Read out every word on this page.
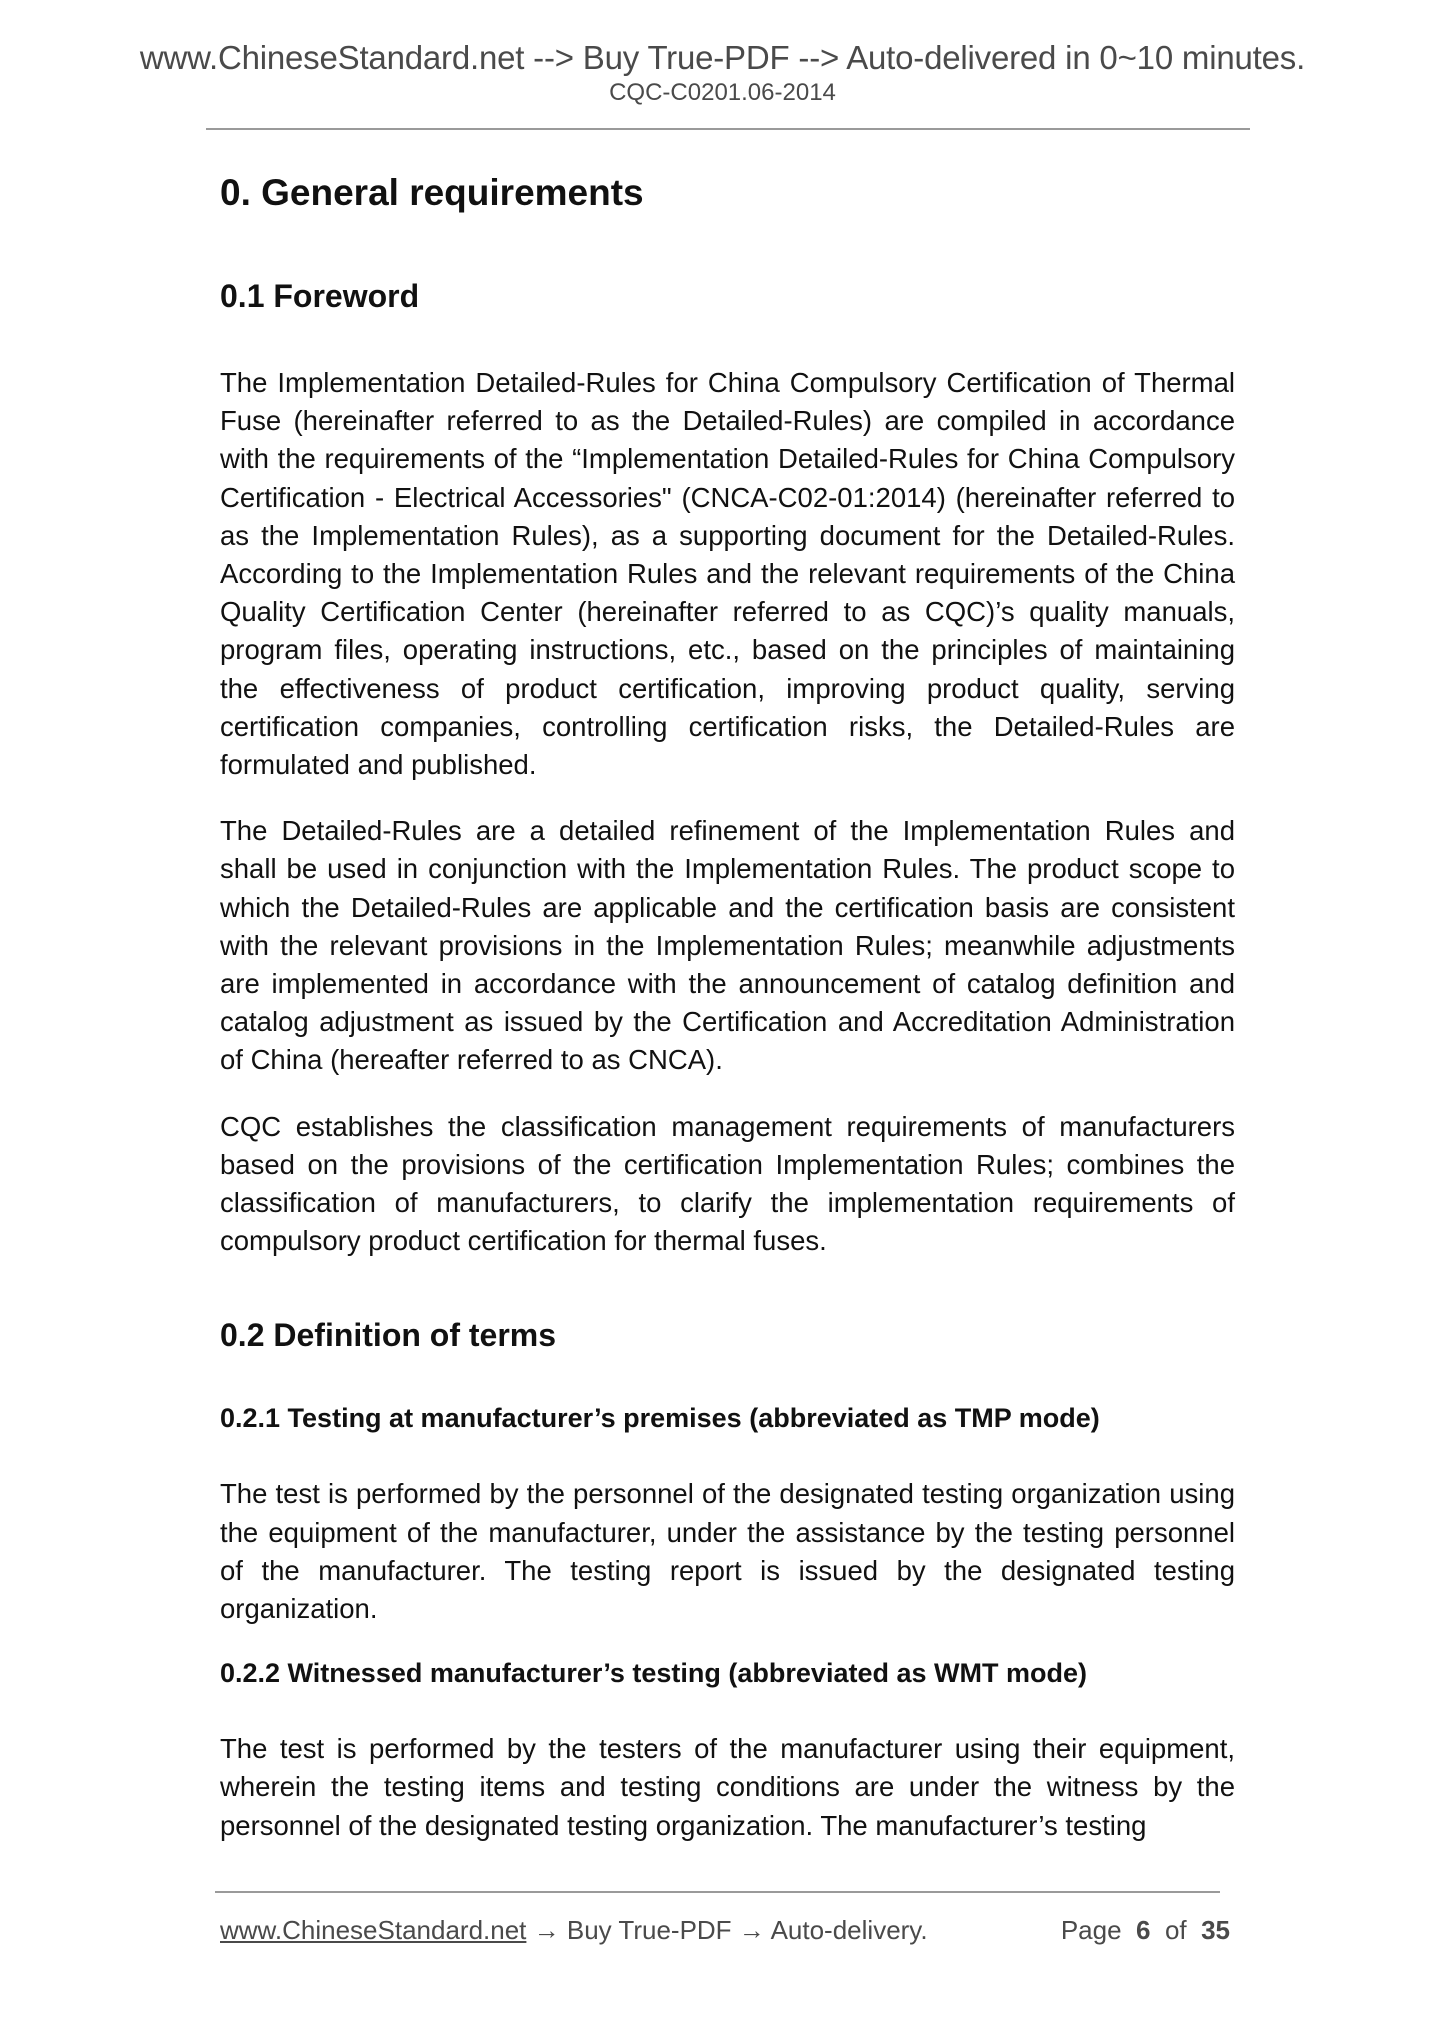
www.ChineseStandard.net --> Buy True-PDF --> Auto-delivered in 0~10 minutes.
CQC-C0201.06-2014
0. General requirements
0.1 Foreword

The Implementation Detailed-Rules for China Compulsory Certification of Thermal Fuse (hereinafter referred to as the Detailed-Rules) are compiled in accordance with the requirements of the “Implementation Detailed-Rules for China Compulsory Certification - Electrical Accessories" (CNCA-C02-01:2014) (hereinafter referred to as the Implementation Rules), as a supporting document for the Detailed-Rules. According to the Implementation Rules and the relevant requirements of the China Quality Certification Center (hereinafter referred to as CQC)’s quality manuals, program files, operating instructions, etc., based on the principles of maintaining the effectiveness of product certification, improving product quality, serving certification companies, controlling certification risks, the Detailed-Rules are formulated and published.

The Detailed-Rules are a detailed refinement of the Implementation Rules and shall be used in conjunction with the Implementation Rules. The product scope to which the Detailed-Rules are applicable and the certification basis are consistent with the relevant provisions in the Implementation Rules; meanwhile adjustments are implemented in accordance with the announcement of catalog definition and catalog adjustment as issued by the Certification and Accreditation Administration of China (hereafter referred to as CNCA).

CQC establishes the classification management requirements of manufacturers based on the provisions of the certification Implementation Rules; combines the classification of manufacturers, to clarify the implementation requirements of compulsory product certification for thermal fuses.

0.2 Definition of terms
0.2.1 Testing at manufacturer’s premises (abbreviated as TMP mode)

The test is performed by the personnel of the designated testing organization using the equipment of the manufacturer, under the assistance by the testing personnel of the manufacturer. The testing report is issued by the designated testing organization.

0.2.2 Witnessed manufacturer’s testing (abbreviated as WMT mode)

The test is performed by the testers of the manufacturer using their equipment, wherein the testing items and testing conditions are under the witness by the personnel of the designated testing organization. The manufacturer’s testing

www.ChineseStandard.net → Buy True-PDF → Auto-delivery.	Page 6 of 35
